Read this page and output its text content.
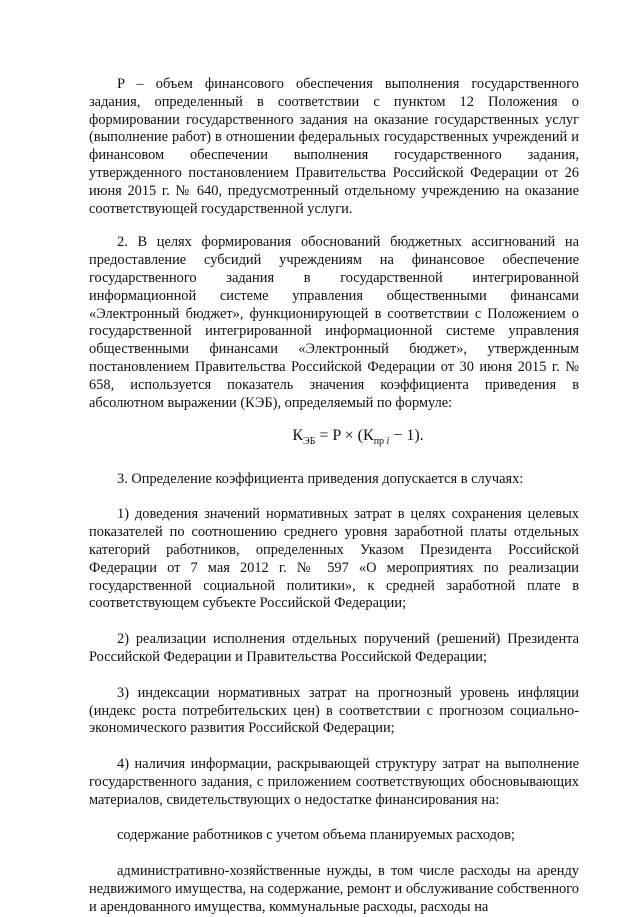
P – объем финансового обеспечения выполнения государственного задания, определенный в соответствии с пунктом 12 Положения о формировании государственного задания на оказание государственных услуг (выполнение работ) в отношении федеральных государственных учреждений и финансовом обеспечении выполнения государственного задания, утвержденного постановлением Правительства Российской Федерации от 26 июня 2015 г. № 640, предусмотренный отдельному учреждению на оказание соответствующей государственной услуги.

2. В целях формирования обоснований бюджетных ассигнований на предоставление субсидий учреждениям на финансовое обеспечение государственного задания в государственной интегрированной информационной системе управления общественными финансами «Электронный бюджет», функционирующей в соответствии с Положением о государственной интегрированной информационной системе управления общественными финансами «Электронный бюджет», утвержденным постановлением Правительства Российской Федерации от 30 июня 2015 г. № 658, используется показатель значения коэффициента приведения в абсолютном выражении (КЭБ), определяемый по формуле:

$К_{ЭБ} = P \times (К_{пр i} - 1)$.

3. Определение коэффициента приведения допускается в случаях:

1) доведения значений нормативных затрат в целях сохранения целевых показателей по соотношению среднего уровня заработной платы отдельных категорий работников, определенных Указом Президента Российской Федерации от 7 мая 2012 г. № 597 «О мероприятиях по реализации государственной социальной политики», к средней заработной плате в соответствующем субъекте Российской Федерации;

2) реализации исполнения отдельных поручений (решений) Президента Российской Федерации и Правительства Российской Федерации;

3) индексации нормативных затрат на прогнозный уровень инфляции (индекс роста потребительских цен) в соответствии с прогнозом социально-экономического развития Российской Федерации;

4) наличия информации, раскрывающей структуру затрат на выполнение государственного задания, с приложением соответствующих обосновывающих материалов, свидетельствующих о недостатке финансирования на:

содержание работников с учетом объема планируемых расходов;

административно-хозяйственные нужды, в том числе расходы на аренду недвижимого имущества, на содержание, ремонт и обслуживание собственного и арендованного имущества, коммунальные расходы, расходы на
